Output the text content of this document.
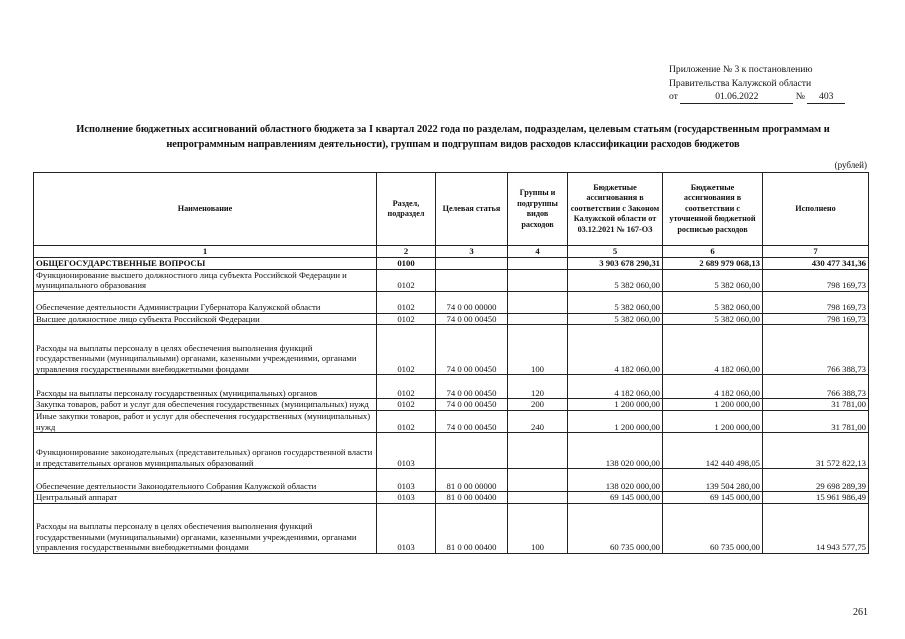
Приложение № 3 к постановлению
Правительства Калужской области
от	01.06.2022	№ 403
Исполнение бюджетных ассигнований областного бюджета за I квартал 2022 года по разделам, подразделам, целевым статьям (государственным программам и непрограммным направлениям деятельности), группам и подгруппам видов расходов классификации расходов бюджетов
(рублей)
Наименование	Раздел, подраздел	Целевая статья	Группы и подгруппы видов расходов	Бюджетные ассигнования в соответствии с Законом Калужской области от 03.12.2021 № 167-ОЗ	Бюджетные ассигнования в соответствии с уточненной бюджетной росписью расходов	Исполнено
1	2	3	4	5	6	7
ОБЩЕГОСУДАРСТВЕННЫЕ ВОПРОСЫ	0100			3 903 678 290,31	2 689 979 068,13	430 477 341,36
Функционирование высшего должностного лица субъекта Российской Федерации и муниципального образования	0102			5 382 060,00	5 382 060,00	798 169,73
Обеспечение деятельности Администрации Губернатора Калужской области	0102	74 0 00 00000		5 382 060,00	5 382 060,00	798 169,73
Высшее должностное лицо субъекта Российской Федерации	0102	74 0 00 00450		5 382 060,00	5 382 060,00	798 169,73
Расходы на выплаты персоналу в целях обеспечения выполнения функций государственными (муниципальными) органами, казенными учреждениями, органами управления государственными внебюджетными фондами	0102	74 0 00 00450	100	4 182 060,00	4 182 060,00	766 388,73
Расходы на выплаты персоналу государственных (муниципальных) органов	0102	74 0 00 00450	120	4 182 060,00	4 182 060,00	766 388,73
Закупка товаров, работ и услуг для обеспечения государственных (муниципальных) нужд	0102	74 0 00 00450	200	1 200 000,00	1 200 000,00	31 781,00
Иные закупки товаров, работ и услуг для обеспечения государственных (муниципальных) нужд	0102	74 0 00 00450	240	1 200 000,00	1 200 000,00	31 781,00
Функционирование законодательных (представительных) органов государственной власти и представительных органов муниципальных образований	0103			138 020 000,00	142 440 498,05	31 572 822,13
Обеспечение деятельности Законодательного Собрания Калужской области	0103	81 0 00 00000		138 020 000,00	139 504 280,00	29 698 289,39
Центральный аппарат	0103	81 0 00 00400		69 145 000,00	69 145 000,00	15 961 986,49
Расходы на выплаты персоналу в целях обеспечения выполнения функций государственными (муниципальными) органами, казенными учреждениями, органами управления государственными внебюджетными фондами	0103	81 0 00 00400	100	60 735 000,00	60 735 000,00	14 943 577,75
261
